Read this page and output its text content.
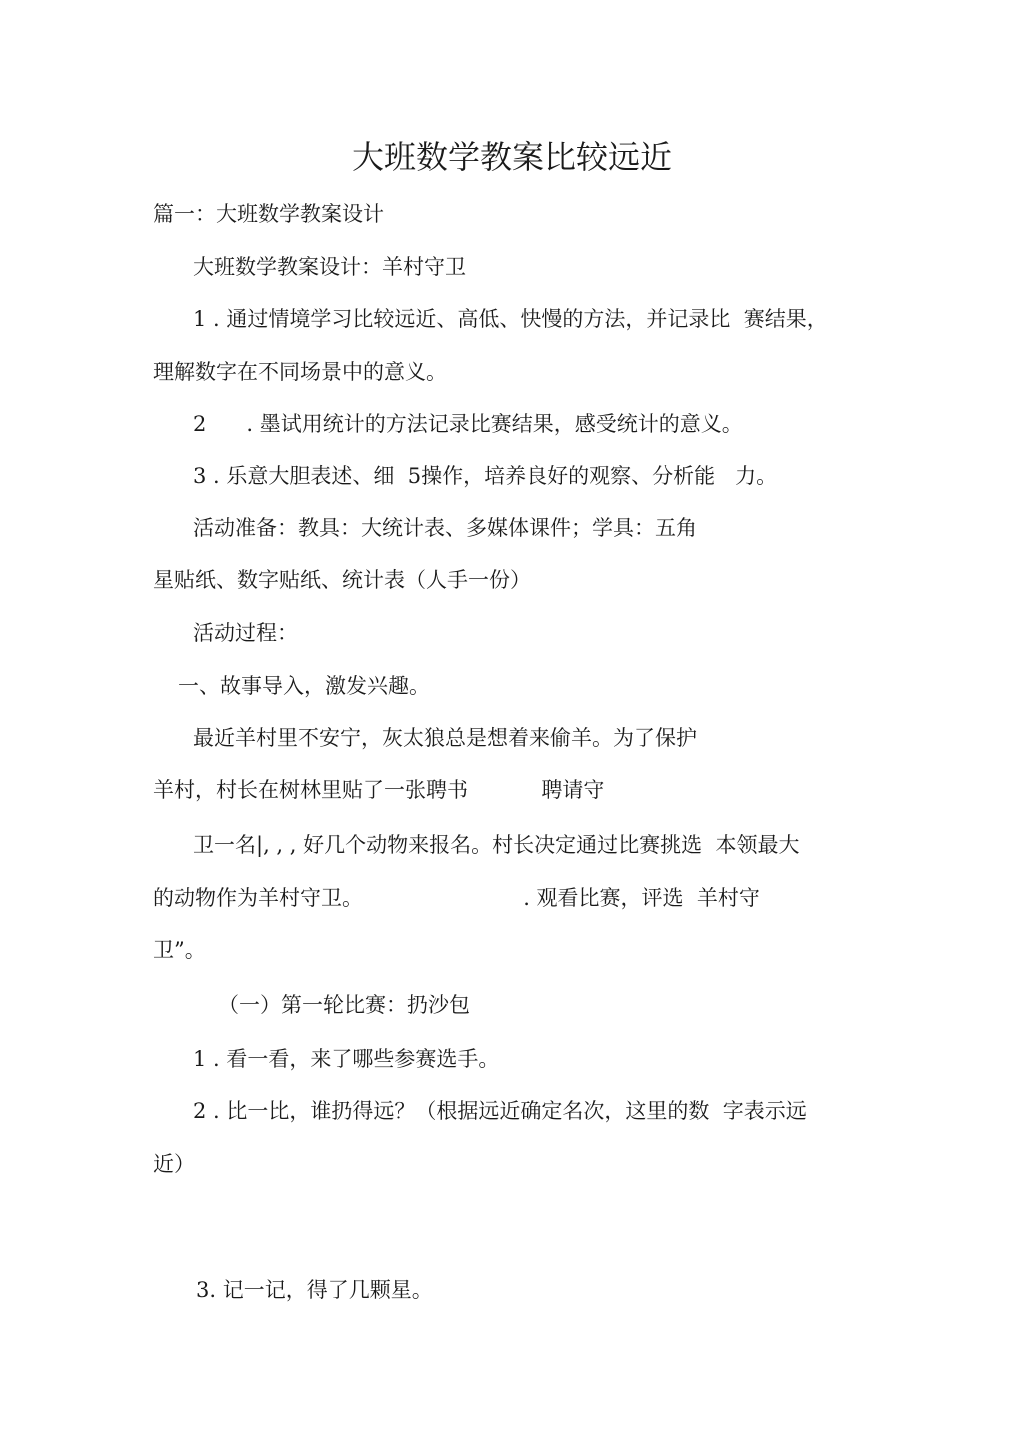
大班数学教案比较远近
篇一：大班数学教案设计
大班数学教案设计：羊村守卫
1 . 通过情境学习比较远近、高低、快慢的方法，并记录比  赛结果，
理解数字在不同场景中的意义。
2      . 墨试用统计的方法记录比赛结果，感受统计的意义。
3 . 乐意大胆表述、细  5操作，培养良好的观察、分析能   力。
活动准备：教具：大统计表、多媒体课件；学具：五角
星贴纸、数字贴纸、统计表（人手一份）
活动过程：
一、故事导入，激发兴趣。
最近羊村里不安宁，灰太狼总是想着来偷羊。为了保护
羊村，村长在树林里贴了一张聘书           聘请守
卫一名|, , , 好几个动物来报名。村长决定通过比赛挑选  本领最大
的动物作为羊村守卫。                        . 观看比赛，评选  羊村守
卫”。
（一）第一轮比赛：扔沙包
1 . 看一看，来了哪些参赛选手。
2 . 比一比，谁扔得远？（根据远近确定名次，这里的数  字表示远
近）
3. 记一记，得了几颗星。
